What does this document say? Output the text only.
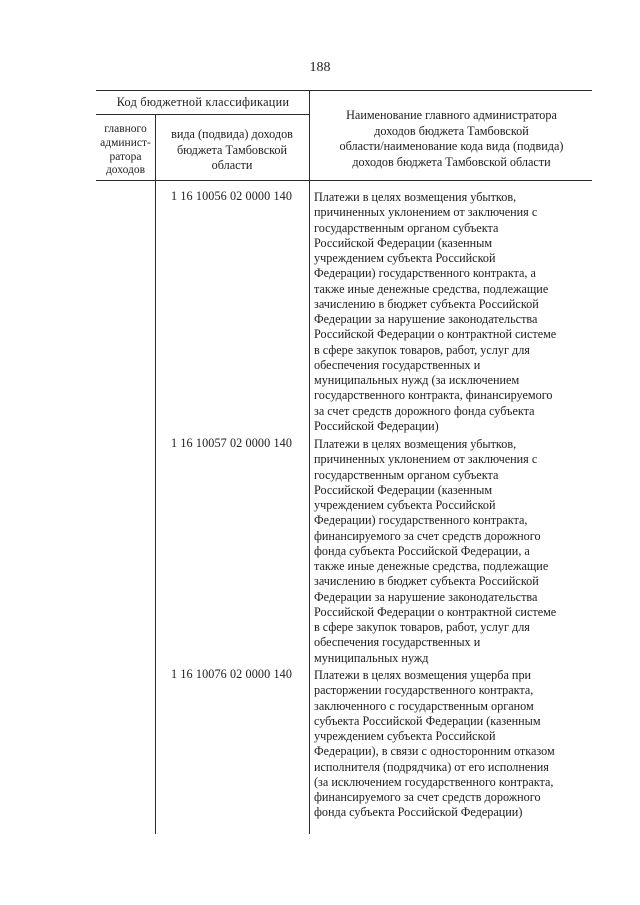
188
Код бюджетной классификации
главного
админист-
ратора
доходов
вида (подвида) доходов
бюджета Тамбовской
области
Наименование главного администратора
доходов бюджета Тамбовской
области/наименование кода вида (подвида)
доходов бюджета Тамбовской области
1 16 10056 02 0000 140 Платежи в целях возмещения убытков,
причиненных уклонением от заключения с
государственным органом субъекта
Российской Федерации (казенным
учреждением субъекта Российской
Федерации) государственного контракта, а
также иные денежные средства, подлежащие
зачислению в бюджет субъекта Российской
Федерации за нарушение законодательства
Российской Федерации о контрактной системе
в сфере закупок товаров, работ, услуг для
обеспечения государственных и
муниципальных нужд (за исключением
государственного контракта, финансируемого
за счет средств дорожного фонда субъекта
Российской Федерации)
1 16 10057 02 0000 140 Платежи в целях возмещения убытков,
причиненных уклонением от заключения с
государственным органом субъекта
Российской Федерации (казенным
учреждением субъекта Российской
Федерации) государственного контракта,
финансируемого за счет средств дорожного
фонда субъекта Российской Федерации, а
также иные денежные средства, подлежащие
зачислению в бюджет субъекта Российской
Федерации за нарушение законодательства
Российской Федерации о контрактной системе
в сфере закупок товаров, работ, услуг для
обеспечения государственных и
муниципальных нужд
1 16 10076 02 0000 140 Платежи в целях возмещения ущерба при
расторжении государственного контракта,
заключенного с государственным органом
субъекта Российской Федерации (казенным
учреждением субъекта Российской
Федерации), в связи с односторонним отказом
исполнителя (подрядчика) от его исполнения
(за исключением государственного контракта,
финансируемого за счет средств дорожного
фонда субъекта Российской Федерации)
